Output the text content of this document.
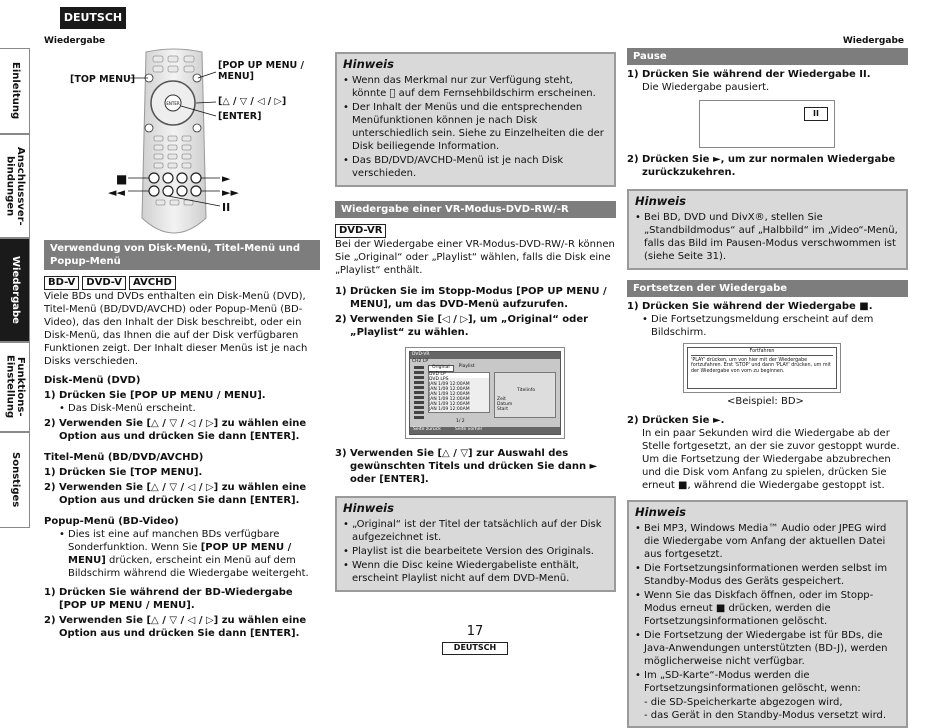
DEUTSCH
Wiedergabe	Wiedergabe
Einleitung
Anschlussver-
bindungen
Wiedergabe
Funktions-
Einstellung
Sonstiges
ENTER
[TOP MENU]
[POP UP MENU /
MENU]
[△ / ▽ / ◁ / ▷]
[ENTER]
■
◄◄
►
►►
II
Verwendung von Disk-Menü, Titel-Menü und Popup-Menü
BD-V DVD-V AVCHD
Viele BDs und DVDs enthalten ein Disk-Menü (DVD), Titel-Menü (BD/DVD/AVCHD) oder Popup-Menü (BD-Video), das den Inhalt der Disk beschreibt, oder ein Disk-Menü, das Ihnen die auf der Disk verfügbaren Funktionen zeigt. Der Inhalt dieser Menüs ist je nach Disks verschieden.
Disk-Menü (DVD)
1) Drücken Sie [POP UP MENU / MENU].
• Das Disk-Menü erscheint.
2) Verwenden Sie [△ / ▽ / ◁ / ▷] zu wählen eine Option aus und drücken Sie dann [ENTER].
Titel-Menü (BD/DVD/AVCHD)
1) Drücken Sie [TOP MENU].
2) Verwenden Sie [△ / ▽ / ◁ / ▷] zu wählen eine Option aus und drücken Sie dann [ENTER].
Popup-Menü (BD-Video)
• Dies ist eine auf manchen BDs verfügbare Sonderfunktion. Wenn Sie [POP UP MENU / MENU] drücken, erscheint ein Menü auf dem Bildschirm während die Wiedergabe weitergeht.
1) Drücken Sie während der BD-Wiedergabe [POP UP MENU / MENU].
2) Verwenden Sie [△ / ▽ / ◁ / ▷] zu wählen eine Option aus und drücken Sie dann [ENTER].
Hinweis
• Wenn das Merkmal nur zur Verfügung steht, könnte ⃠ auf dem Fernsehbildschirm erscheinen.
• Der Inhalt der Menüs und die entsprechenden Menüfunktionen können je nach Disk unterschiedlich sein. Siehe zu Einzelheiten die der Disk beiliegende Information.
• Das BD/DVD/AVCHD-Menü ist je nach Disk verschieden.
Wiedergabe einer VR-Modus-DVD-RW/-R
DVD-VR
Bei der Wiedergabe einer VR-Modus-DVD-RW/-R können Sie „Original“ oder „Playlist“ wählen, falls die Disk eine „Playlist“ enthält.
1) Drücken Sie im Stopp-Modus [POP UP MENU / MENU], um das DVD-Menü aufzurufen.
2) Verwenden Sie [◁ / ▷], um „Original“ oder „Playlist“ zu wählen.
DVD-VR
CH2 LP
Original	Playlist
DVD LP
DVD LPS
JAN 1/09 12:00AM
JAN 1/09 12:00AM
JAN 1/09 12:00AM
JAN 1/09 12:00AM
JAN 1/09 12:00AM
JAN 1/09 12:00AM
Titelinfo
Zeit
Datum
Start
1/ 2
Seite zurück	Seite vorher
3) Verwenden Sie [△ / ▽] zur Auswahl des gewünschten Titels und drücken Sie dann ► oder [ENTER].
Hinweis
• „Original“ ist der Titel der tatsächlich auf der Disk aufgezeichnet ist.
• Playlist ist die bearbeitete Version des Originals.
• Wenn die Disc keine Wiedergabeliste enthält, erscheint Playlist nicht auf dem DVD-Menü.
Pause
1) Drücken Sie während der Wiedergabe II.
Die Wiedergabe pausiert.
II
2) Drücken Sie ►, um zur normalen Wiedergabe zurückzukehren.
Hinweis
• Bei BD, DVD und DivX®, stellen Sie „Standbildmodus“ auf „Halbbild“ im „Video“-Menü, falls das Bild im Pausen-Modus verschwommen ist (siehe Seite 31).
Fortsetzen der Wiedergabe
1) Drücken Sie während der Wiedergabe ■.
• Die Fortsetzungsmeldung erscheint auf dem Bildschirm.
Fortfahren
'PLAY' drücken, um von hier mit der Wiedergabe fortzufahren. Erst 'STOP' und dann 'PLAY' drücken, um mit der Wiedergabe von vorn zu beginnen.
<Beispiel: BD>
2) Drücken Sie ►.
In ein paar Sekunden wird die Wiedergabe ab der Stelle fortgesetzt, an der sie zuvor gestoppt wurde. Um die Fortsetzung der Wiedergabe abzubrechen und die Disk vom Anfang zu spielen, drücken Sie erneut ■, während die Wiedergabe gestoppt ist.
Hinweis
• Bei MP3, Windows Media™ Audio oder JPEG wird die Wiedergabe vom Anfang der aktuellen Datei aus fortgesetzt.
• Die Fortsetzungsinformationen werden selbst im Standby-Modus des Geräts gespeichert.
• Wenn Sie das Diskfach öffnen, oder im Stopp-Modus erneut ■ drücken, werden die Fortsetzungsinformationen gelöscht.
• Die Fortsetzung der Wiedergabe ist für BDs, die Java-Anwendungen unterstützten (BD-J), werden möglicherweise nicht verfügbar.
• Im „SD-Karte“-Modus werden die Fortsetzungsinformationen gelöscht, wenn:
- die SD-Speicherkarte abgezogen wird,
- das Gerät in den Standby-Modus versetzt wird.
17
DEUTSCH
